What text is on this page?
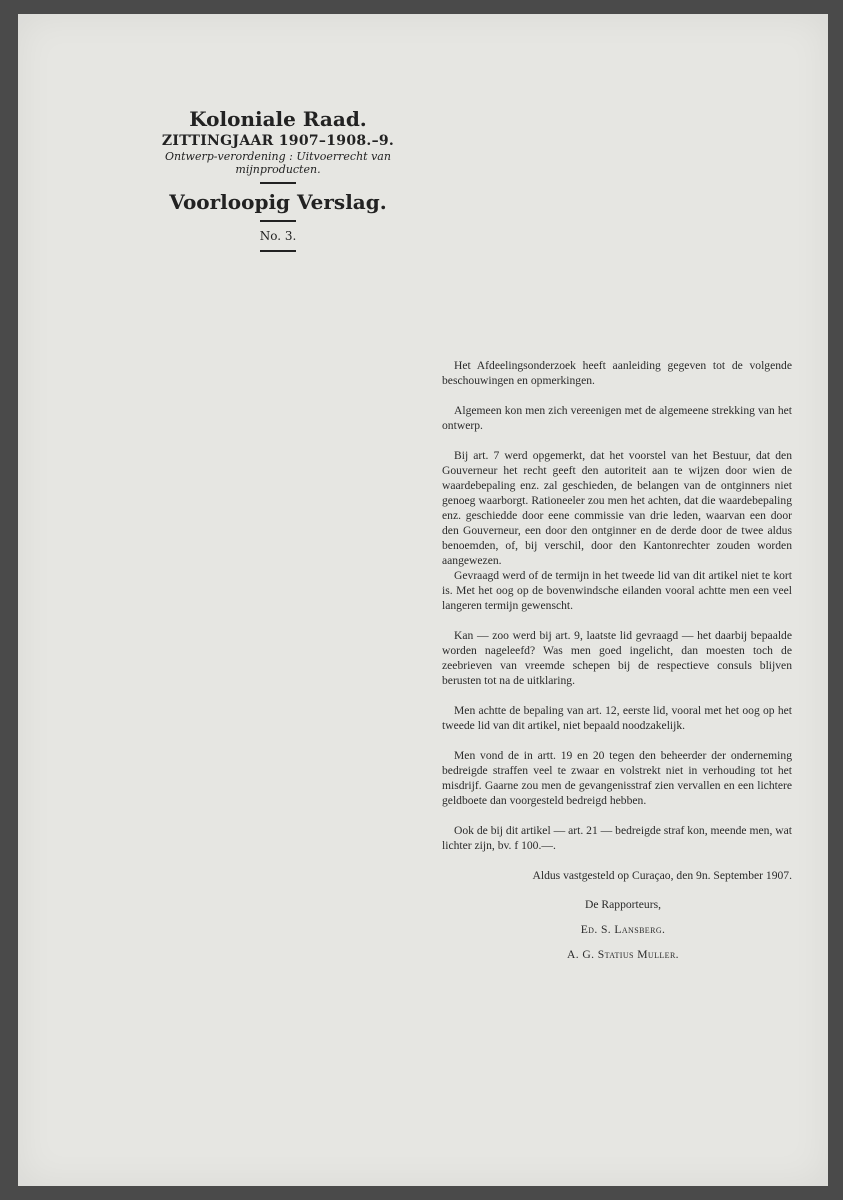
Koloniale Raad.

ZITTINGJAAR 1907–1908.–9.

Ontwerp-verordening : Uitvoerrecht van

mijnproducten.

Voorloopig Verslag.

No. 3.

Het Afdeelingsonderzoek heeft aanleiding gegeven tot de volgende beschouwingen en opmerkingen.

Algemeen kon men zich vereenigen met de algemeene strekking van het ontwerp.

Bij art. 7 werd opgemerkt, dat het voorstel van het Bestuur, dat den Gouverneur het recht geeft den autoriteit aan te wijzen door wien de waardebepaling enz. zal geschieden, de belangen van de ontginners niet genoeg waarborgt. Rationeeler zou men het achten, dat die waardebepaling enz. geschiedde door eene commissie van drie leden, waarvan een door den Gouverneur, een door den ontginner en de derde door de twee aldus benoemden, of, bij verschil, door den Kantonrechter zouden worden aangewezen.

Gevraagd werd of de termijn in het tweede lid van dit artikel niet te kort is. Met het oog op de bovenwindsche eilanden vooral achtte men een veel langeren termijn gewenscht.

Kan — zoo werd bij art. 9, laatste lid gevraagd — het daarbij bepaalde worden nageleefd? Was men goed ingelicht, dan moesten toch de zeebrieven van vreemde schepen bij de respectieve consuls blijven berusten tot na de uitklaring.

Men achtte de bepaling van art. 12, eerste lid, vooral met het oog op het tweede lid van dit artikel, niet bepaald noodzakelijk.

Men vond de in artt. 19 en 20 tegen den beheerder der onderneming bedreigde straffen veel te zwaar en volstrekt niet in verhouding tot het misdrijf. Gaarne zou men de gevangenisstraf zien vervallen en een lichtere geldboete dan voorgesteld bedreigd hebben.

Ook de bij dit artikel — art. 21 — bedreigde straf kon, meende men, wat lichter zijn, bv. f 100.—.

Aldus vastgesteld op Curaçao, den 9n. September 1907.

De Rapporteurs,

Ed. S. Lansberg.

A. G. Statius Muller.
